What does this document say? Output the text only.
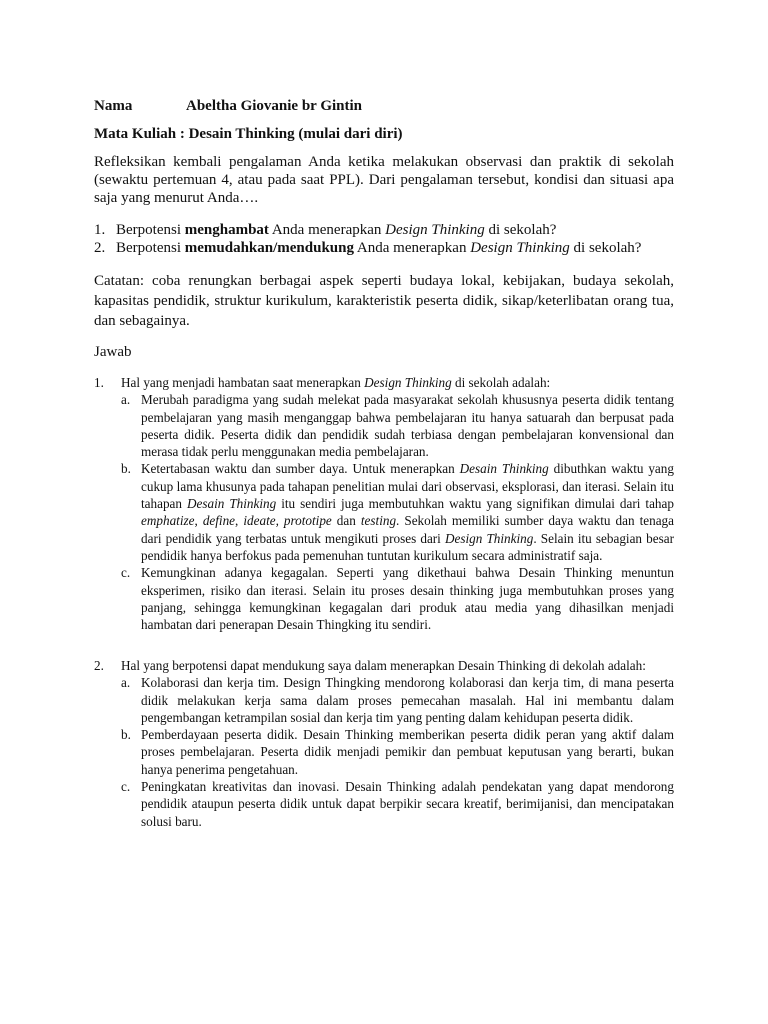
Nama	Abeltha Giovanie br Gintin
Mata Kuliah : Desain Thinking (mulai dari diri)
Refleksikan kembali pengalaman Anda ketika melakukan observasi dan praktik di sekolah (sewaktu pertemuan 4, atau pada saat PPL). Dari pengalaman tersebut, kondisi dan situasi apa saja yang menurut Anda….
1. Berpotensi menghambat Anda menerapkan Design Thinking di sekolah?
2. Berpotensi memudahkan/mendukung Anda menerapkan Design Thinking di sekolah?
Catatan: coba renungkan berbagai aspek seperti budaya lokal, kebijakan, budaya sekolah, kapasitas pendidik, struktur kurikulum, karakteristik peserta didik, sikap/keterlibatan orang tua, dan sebagainya.
Jawab
1. Hal yang menjadi hambatan saat menerapkan Design Thinking di sekolah adalah:
a. Merubah paradigma yang sudah melekat pada masyarakat sekolah khususnya peserta didik tentang pembelajaran yang masih menganggap bahwa pembelajaran itu hanya satuarah dan berpusat pada peserta didik. Peserta didik dan pendidik sudah terbiasa dengan pembelajaran konvensional dan merasa tidak perlu menggunakan media pembelajaran.
b. Ketertabasan waktu dan sumber daya. Untuk menerapkan Desain Thinking dibuthkan waktu yang cukup lama khusunya pada tahapan penelitian mulai dari observasi, eksplorasi, dan iterasi. Selain itu tahapan Desain Thinking itu sendiri juga membutuhkan waktu yang signifikan dimulai dari tahap emphatize, define, ideate, prototipe dan testing. Sekolah memiliki sumber daya waktu dan tenaga dari pendidik yang terbatas untuk mengikuti proses dari Design Thinking. Selain itu sebagian besar pendidik hanya berfokus pada pemenuhan tuntutan kurikulum secara administratif saja.
c. Kemungkinan adanya kegagalan. Seperti yang dikethaui bahwa Desain Thinking menuntun eksperimen, risiko dan iterasi. Selain itu proses desain thinking juga membutuhkan proses yang panjang, sehingga kemungkinan kegagalan dari produk atau media yang dihasilkan menjadi hambatan dari penerapan Desain Thingking itu sendiri.
2. Hal yang berpotensi dapat mendukung saya dalam menerapkan Desain Thinking di dekolah adalah:
a. Kolaborasi dan kerja tim. Design Thingking mendorong kolaborasi dan kerja tim, di mana peserta didik melakukan kerja sama dalam proses pemecahan masalah. Hal ini membantu dalam pengembangan ketrampilan sosial dan kerja tim yang penting dalam kehidupan peserta didik.
b. Pemberdayaan peserta didik. Desain Thinking memberikan peserta didik peran yang aktif dalam proses pembelajaran. Peserta didik menjadi pemikir dan pembuat keputusan yang berarti, bukan hanya penerima pengetahuan.
c. Peningkatan kreativitas dan inovasi. Desain Thinking adalah pendekatan yang dapat mendorong pendidik ataupun peserta didik untuk dapat berpikir secara kreatif, berimijanisi, dan mencipatakan solusi baru.
